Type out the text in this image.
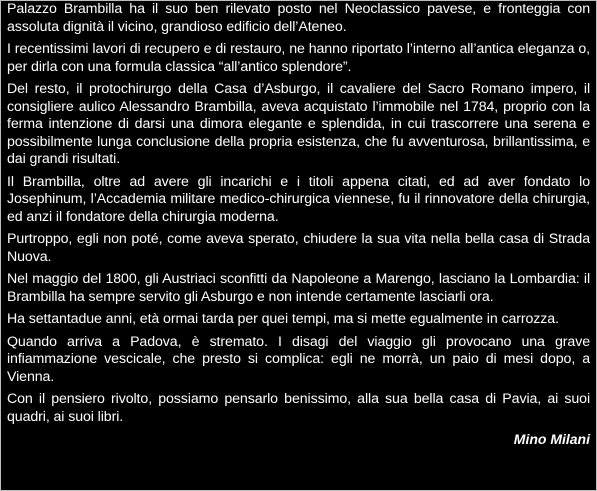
Palazzo Brambilla ha il suo ben rilevato posto nel Neoclassico pavese, e fronteggia con assoluta dignità il vicino, grandioso edificio dell’Ateneo.

I recentissimi lavori di recupero e di restauro, ne hanno riportato l’interno all’antica eleganza o, per dirla con una formula classica “all’antico splendore”.

Del resto, il protochirurgo della Casa d’Asburgo, il cavaliere del Sacro Romano impero, il consigliere aulico Alessandro Brambilla, aveva acquistato l’immobile nel 1784, proprio con la ferma intenzione di darsi una dimora elegante e splendida, in cui trascorrere una serena e possibilmente lunga conclusione della propria esistenza, che fu avventurosa, brillantissima, e dai grandi risultati.

Il Brambilla, oltre ad avere gli incarichi e i titoli appena citati, ed ad aver fondato lo Josephinum, l’Accademia militare medico-chirurgica viennese, fu il rinnovatore della chirurgia, ed anzi il fondatore della chirurgia moderna.

Purtroppo, egli non poté, come aveva sperato, chiudere la sua vita nella bella casa di Strada Nuova.

Nel maggio del 1800, gli Austriaci sconfitti da Napoleone a Marengo, lasciano la Lombardia: il Brambilla ha sempre servito gli Asburgo e non intende certamente lasciarli ora.

Ha settantadue anni, età ormai tarda per quei tempi, ma si mette egualmente in carrozza.

Quando arriva a Padova, è stremato. I disagi del viaggio gli provocano una grave infiammazione vescicale, che presto si complica: egli ne morrà, un paio di mesi dopo, a Vienna.

Con il pensiero rivolto, possiamo pensarlo benissimo, alla sua bella casa di Pavia, ai suoi quadri, ai suoi libri.

Mino Milani
